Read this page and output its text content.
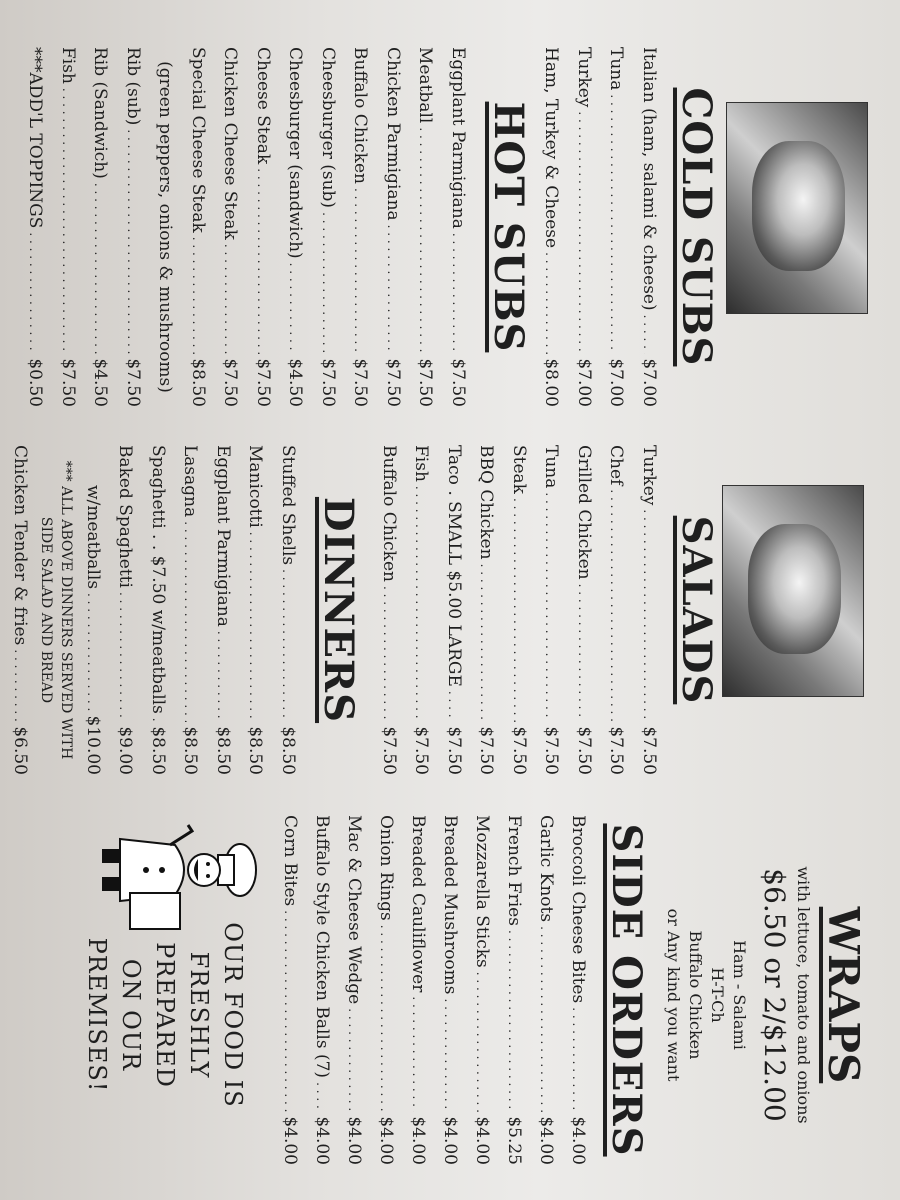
COLD SUBS
Italian (ham, salami & cheese)
. . .
$7.00
Tuna
. . .
$7.00
Turkey
. . .
$7.00
Ham, Turkey & Cheese
. . .
$8.00
HOT SUBS
Eggplant Parmigiana
. . .
$7.50
Meatball
. . .
$7.50
Chicken Parmigiana
. . .
$7.50
Buffalo Chicken
. . .
$7.50
Cheesburger (sub)
. . .
$7.50
Cheesburger (sandwich)
. . .
$4.50
Cheese Steak
. . .
$7.50
Chicken Cheese Steak
. . .
$7.50
Special Cheese Steak
. . .
$8.50
(green peppers, onions & mushrooms)
Rib (sub)
. . .
$7.50
Rib (Sandwich)
. . .
$4.50
Fish
. . .
$7.50
***ADD'L TOPPINGS
. . .
$0.50
SALADS
Turkey
. . .
$7.50
Chef
. . .
$7.50
Grilled Chicken
. . .
$7.50
Tuna
. . .
$7.50
Steak
. . .
$7.50
BBQ Chicken
. . .
$7.50
Taco . SMALL $5.00 LARGE
. . .
$7.50
Fish
. . .
$7.50
Buffalo Chicken
. . .
$7.50
DINNERS
Stuffed Shells
. . .
$8.50
Manicotti
. . .
$8.50
Eggplant Parmigiana
. . .
$8.50
Lasagna
. . .
$8.50
Spaghetti . . $7.50 w/meatballs
. . .
$8.50
Baked Spaghetti
. . .
$9.00
w/meatballs
. . .
$10.00
*** ALL ABOVE DINNERS SERVED WITH
SIDE SALAD AND BREAD
Chicken Tender & fries
. . .
$6.50
. . .
WRAPS
with lettuce, tomato and onions
$6.50 or 2/$12.00
Ham - Salami
H-T-Ch
Buffalo Chicken
or Any kind you want
SIDE ORDERS
Broccoli Cheese Bites
. . .
$4.00
Garlic Knots
. . .
$4.00
French Fries
. . .
$5.25
Mozzarella Sticks
. . .
$4.00
Breaded Mushrooms
. . .
$4.00
Breaded Cauliflower
. . .
$4.00
Onion Rings
. . .
$4.00
Mac & Cheese Wedge
. . .
$4.00
Buffalo Style Chicken Balls (7)
. . .
$4.00
Corn Bites
. . .
$4.00
OUR FOOD IS
FRESHLY PREPARED
ON OUR PREMISES!
